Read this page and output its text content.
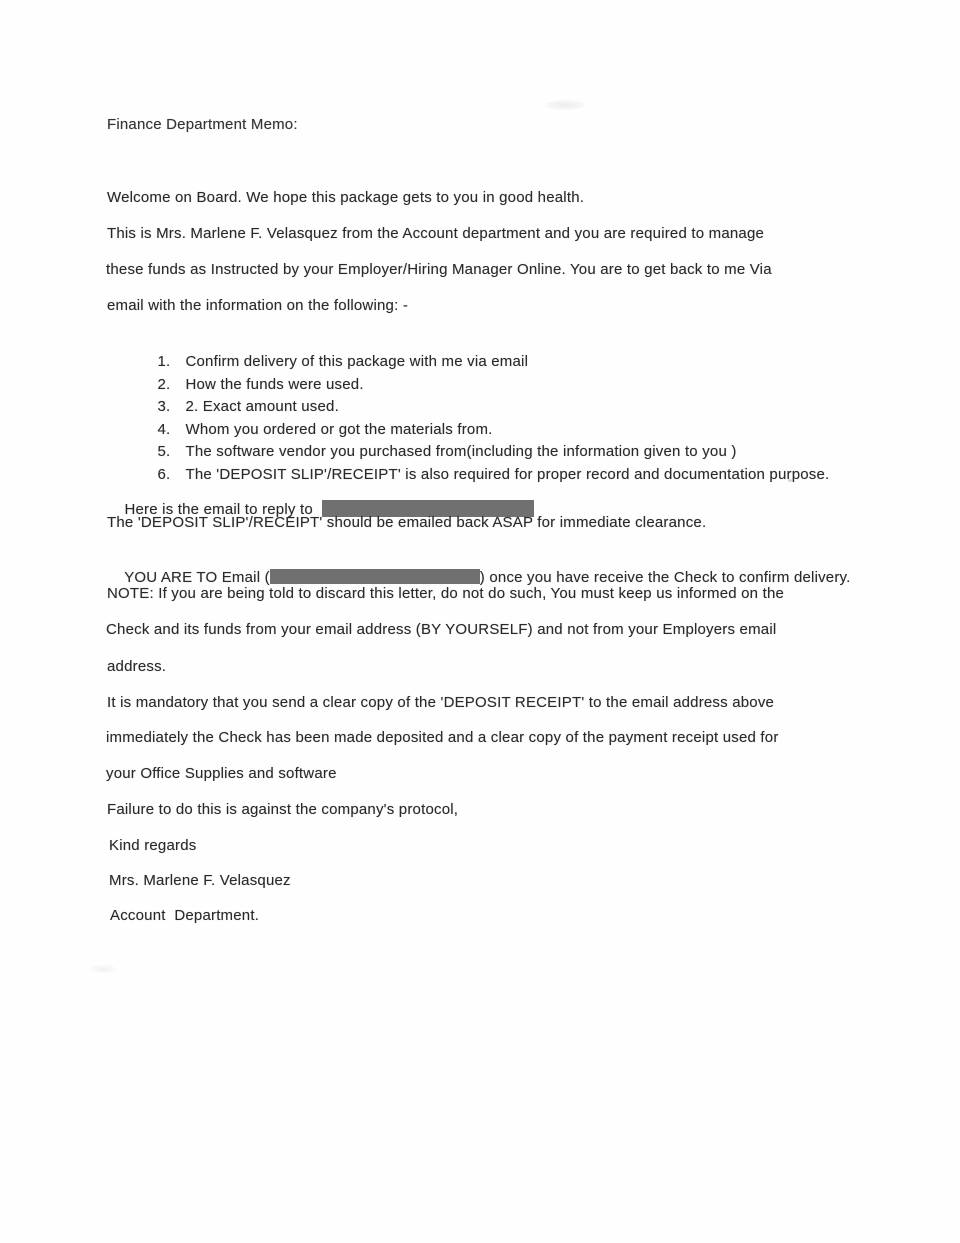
Finance Department Memo:
Welcome on Board. We hope this package gets to you in good health.
This is Mrs. Marlene F. Velasquez from the Account department and you are required to manage
these funds as Instructed by your Employer/Hiring Manager Online. You are to get back to me Via
email with the information on the following: -

1. Confirm delivery of this package with me via email

2. How the funds were used.

3. 2. Exact amount used.

4. Whom you ordered or got the materials from.

5. The software vendor you purchased from(including the information given to you )

6. The 'DEPOSIT SLIP'/RECEIPT' is also required for proper record and documentation purpose.

Here is the email to reply to

The 'DEPOSIT SLIP'/RECEIPT' should be emailed back ASAP for immediate clearance.

YOU ARE TO Email (	) once you have receive the Check to confirm delivery.

NOTE: If you are being told to discard this letter, do not do such, You must keep us informed on the
Check and its funds from your email address (BY YOURSELF) and not from your Employers email
address.
It is mandatory that you send a clear copy of the 'DEPOSIT RECEIPT' to the email address above
immediately the Check has been made deposited and a clear copy of the payment receipt used for
your Office Supplies and software
Failure to do this is against the company's protocol,
Kind regards
Mrs. Marlene F. Velasquez
Account  Department.
